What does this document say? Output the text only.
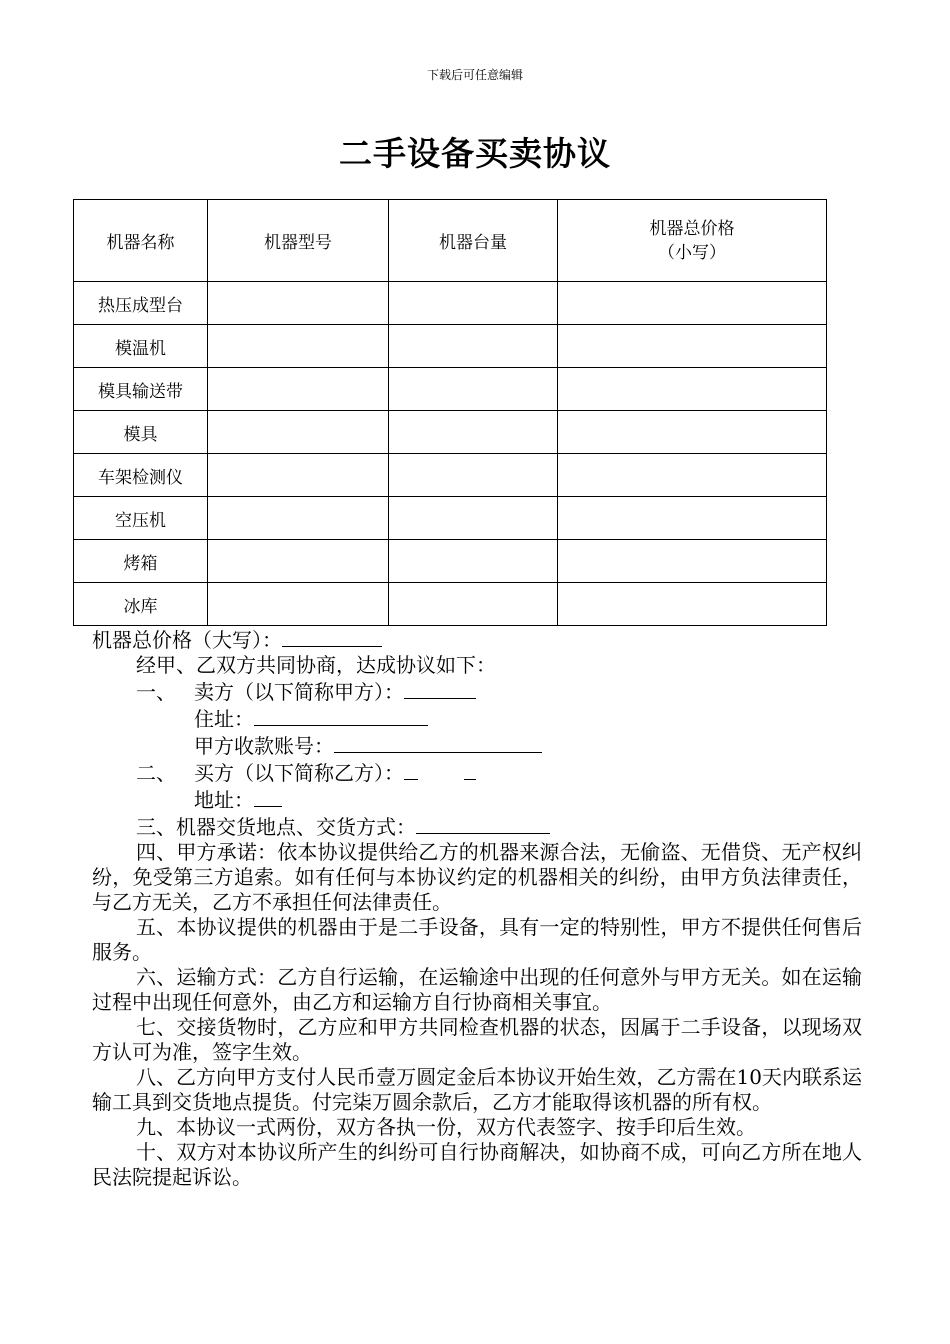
下载后可任意编辑
二手设备买卖协议
机器名称	机器型号	机器台量	机器总价格
（小写）

热压成型台			
模温机			
模具输送带			
模具			
车架检测仪			
空压机			
烤箱			
冰库			
机器总价格（大写）：
经甲、乙双方共同协商，达成协议如下：
一、 卖方（以下简称甲方）：
住址：
甲方收款账号：
二、 买方（以下简称乙方）：
地址：
三、机器交货地点、交货方式：
四、甲方承诺：依本协议提供给乙方的机器来源合法，无偷盗、无借贷、无产权纠纷，免受第三方追索。如有任何与本协议约定的机器相关的纠纷，由甲方负法律责任，与乙方无关，乙方不承担任何法律责任。
五、本协议提供的机器由于是二手设备，具有一定的特别性，甲方不提供任何售后服务。
六、运输方式：乙方自行运输，在运输途中出现的任何意外与甲方无关。如在运输过程中出现任何意外，由乙方和运输方自行协商相关事宜。
七、交接货物时，乙方应和甲方共同检查机器的状态，因属于二手设备，以现场双方认可为准，签字生效。
八、乙方向甲方支付人民币壹万圆定金后本协议开始生效，乙方需在10天内联系运输工具到交货地点提货。付完柒万圆余款后，乙方才能取得该机器的所有权。
九、本协议一式两份，双方各执一份，双方代表签字、按手印后生效。
十、双方对本协议所产生的纠纷可自行协商解决，如协商不成，可向乙方所在地人民法院提起诉讼。
